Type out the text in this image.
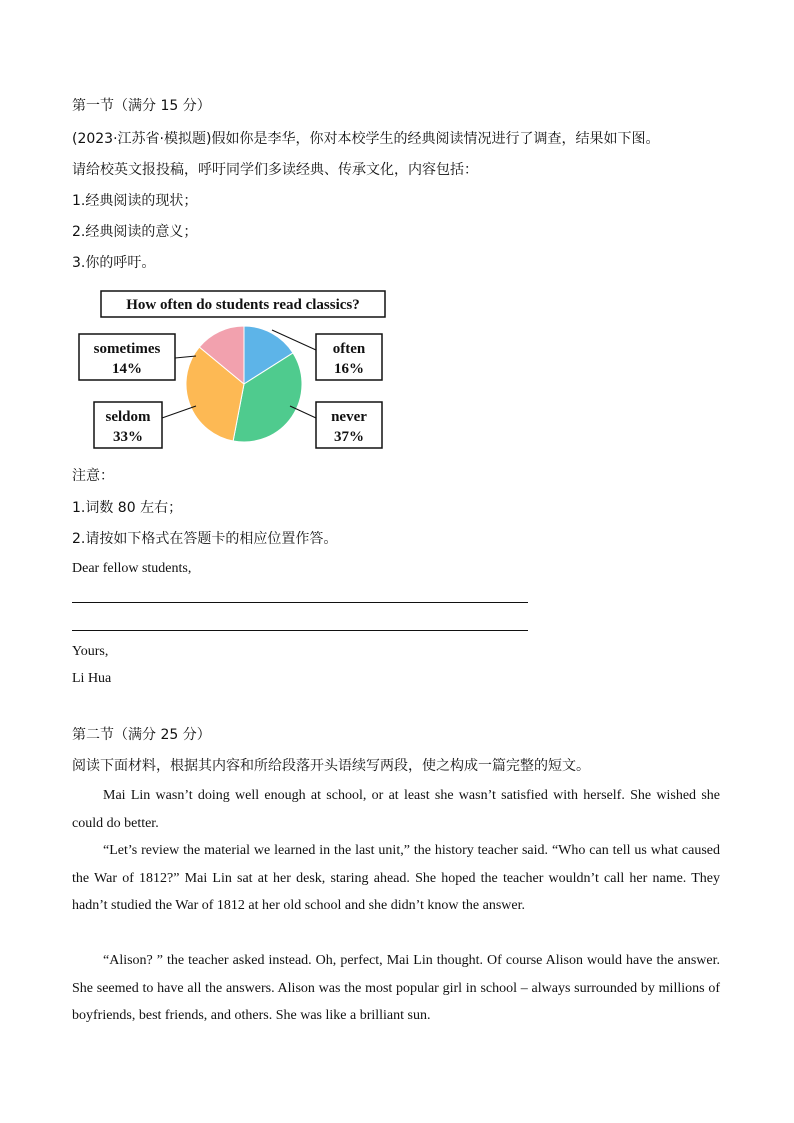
第一节（满分 15 分）
(2023·江苏省·模拟题)假如你是李华，你对本校学生的经典阅读情况进行了调查，结果如下图。
请给校英文报投稿，呼吁同学们多读经典、传承文化，内容包括：
1.经典阅读的现状；
2.经典阅读的意义；
3.你的呼吁。
How often do students read classics?
often
16%
never
37%
seldom
33%
sometimes
14%
注意：
1.词数 80 左右；
2.请按如下格式在答题卡的相应位置作答。
Dear fellow students,
Yours,
Li Hua
第二节（满分 25 分）
阅读下面材料，根据其内容和所给段落开头语续写两段，使之构成一篇完整的短文。

Mai Lin wasn’t doing well enough at school, or at least she wasn’t satisfied with herself. She wished she could do better.

“Let’s review the material we learned in the last unit,” the history teacher said. “Who can tell us what caused the War of 1812?” Mai Lin sat at her desk, staring ahead. She hoped the teacher wouldn’t call her name. They hadn’t studied the War of 1812 at her old school and she didn’t know the answer.

“Alison? ” the teacher asked instead. Oh, perfect, Mai Lin thought. Of course Alison would have the answer. She seemed to have all the answers. Alison was the most popular girl in school – always surrounded by millions of boyfriends, best friends, and others. She was like a brilliant sun.
